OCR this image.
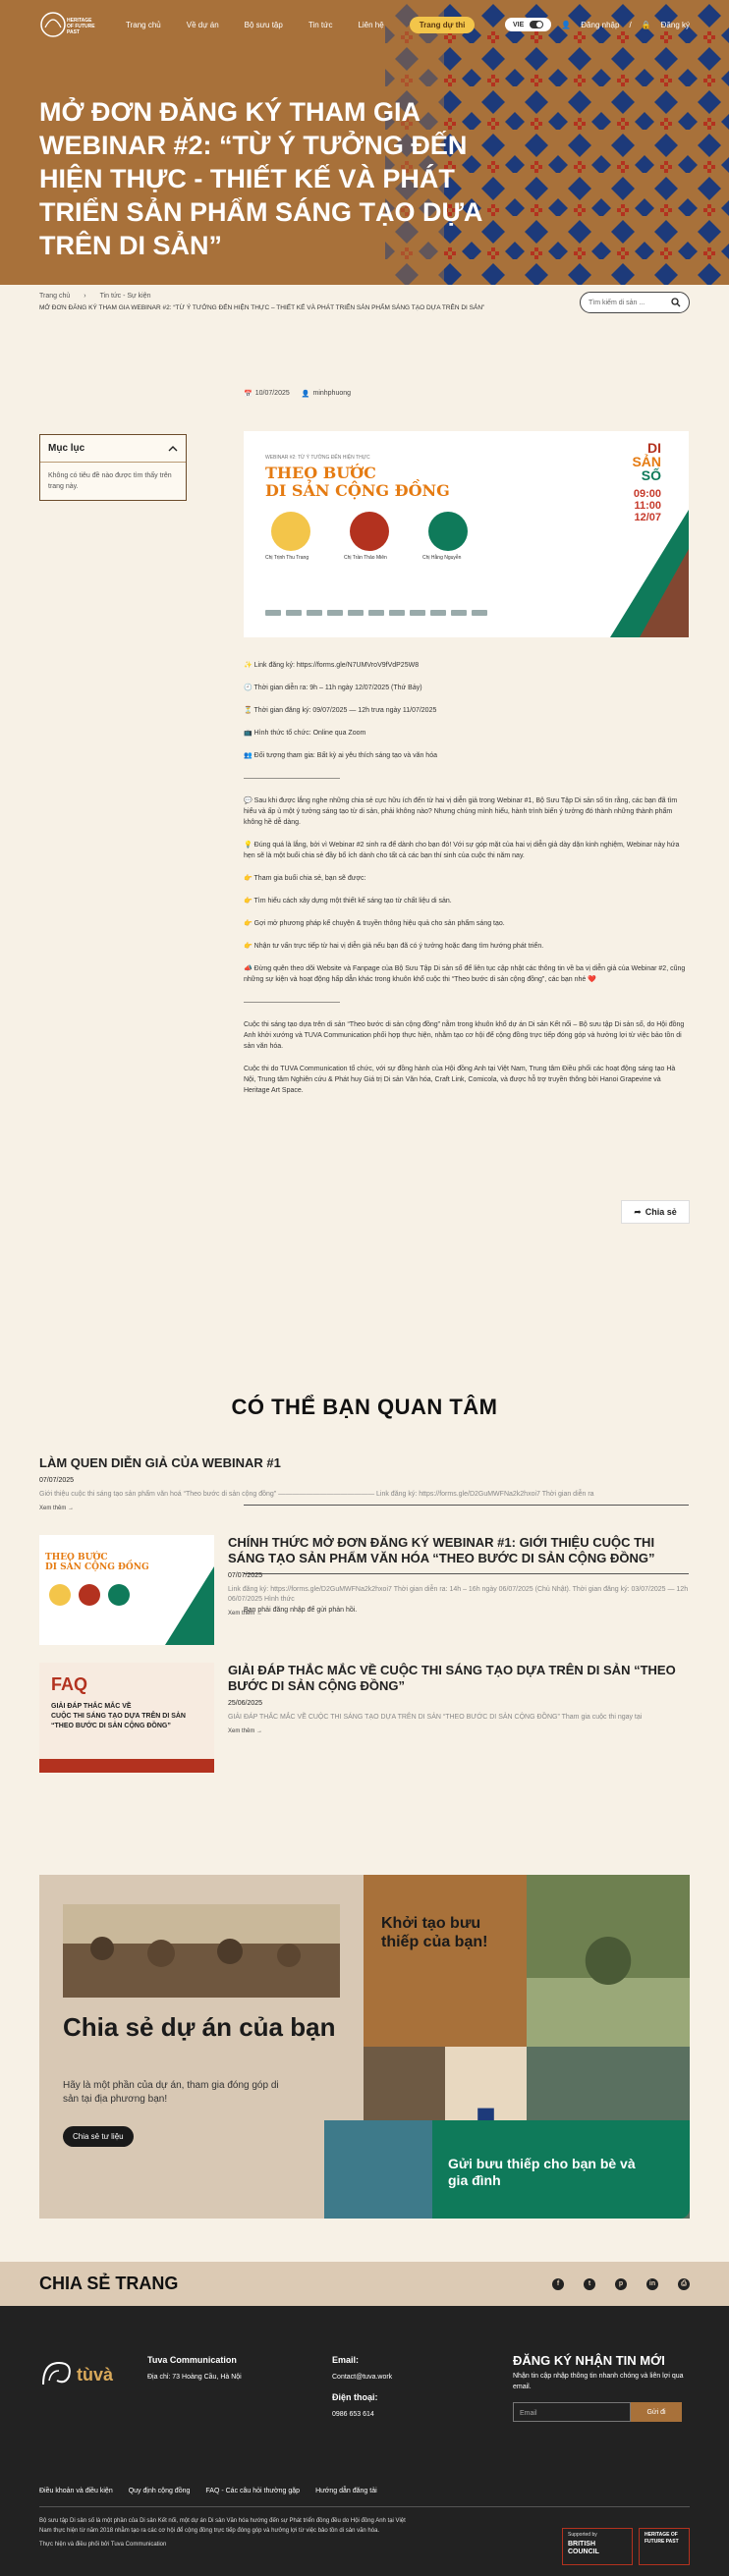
HERITAGE
OF FUTURE
PAST
Trang chủ	Về dự án	Bộ sưu tập	Tin tức	Liên hệ	Trang dự thi	VIE	👤 Đăng nhập / 🔒 Đăng ký
MỞ ĐƠN ĐĂNG KÝ THAM GIA WEBINAR #2: “TỪ Ý TƯỞNG ĐẾN HIỆN THỰC - THIẾT KẾ VÀ PHÁT TRIỂN SẢN PHẨM SÁNG TẠO DỰA TRÊN DI SẢN”
Trang chủ › Tin tức - Sự kiện
MỞ ĐƠN ĐĂNG KÝ THAM GIA WEBINAR #2: “TỪ Ý TƯỞNG ĐẾN HIỆN THỰC – THIẾT KẾ VÀ PHÁT TRIỂN SẢN PHẨM SÁNG TẠO DỰA TRÊN DI SẢN”
Tìm kiếm di sản ...
Mục lục
Không có tiêu đề nào được tìm thấy trên trang này.
📅 10/07/2025 👤 minhphuong
WEBINAR #2: TỪ Ý TƯỞNG ĐẾN HIỆN THỰC
THEO BƯỚC
DI SẢN CỘNG ĐỒNG
Chị Trịnh Thu Trang	Chị Trần Thảo Miên	Chị Hằng Nguyễn
DI
SẢN
SỐ
09:00
11:00
12/07

✨ Link đăng ký: https://forms.gle/N7UMVroV9fVdP25W8

🕘 Thời gian diễn ra: 9h – 11h ngày 12/07/2025 (Thứ Bảy)

⏳ Thời gian đăng ký: 09/07/2025 — 12h trưa ngày 11/07/2025

📺 Hình thức tổ chức: Online qua Zoom

👥 Đối tượng tham gia: Bất kỳ ai yêu thích sáng tạo và văn hóa

——————————————

💬 Sau khi được lắng nghe những chia sẻ cực hữu ích đến từ hai vị diễn giả trong Webinar #1, Bộ Sưu Tập Di sản số tin rằng, các bạn đã tìm hiểu và ấp ủ một ý tưởng sáng tạo từ di sản, phải không nào? Nhưng chúng mình hiểu, hành trình biến ý tưởng đó thành những thành phẩm không hề dễ dàng.

💡 Đúng quá là lắng, bởi vì Webinar #2 sinh ra để dành cho bạn đó! Với sự góp mặt của hai vị diễn giả dày dặn kinh nghiệm, Webinar này hứa hẹn sẽ là một buổi chia sẻ đầy bổ ích dành cho tất cả các bạn thí sinh của cuộc thi năm nay.

👉 Tham gia buổi chia sẻ, bạn sẽ được:

👉 Tìm hiểu cách xây dựng một thiết kế sáng tạo từ chất liệu di sản.

👉 Gợi mở phương pháp kể chuyện & truyền thông hiệu quả cho sản phẩm sáng tạo.

👉 Nhận tư vấn trực tiếp từ hai vị diễn giả nếu bạn đã có ý tưởng hoặc đang tìm hướng phát triển.

📣 Đừng quên theo dõi Website và Fanpage của Bộ Sưu Tập Di sản số để liên tục cập nhật các thông tin về ba vị diễn giả của Webinar #2, cũng những sự kiện và hoạt động hấp dẫn khác trong khuôn khổ cuộc thi “Theo bước di sản cộng đồng”, các bạn nhé ❤️

——————————————

Cuộc thi sáng tạo dựa trên di sản “Theo bước di sản cộng đồng” nằm trong khuôn khổ dự án Di sản Kết nối – Bộ sưu tập Di sản số, do Hội đồng Anh khởi xướng và TUVA Communication phối hợp thực hiện, nhằm tạo cơ hội để cộng đồng trực tiếp đóng góp và hưởng lợi từ việc bảo tồn di sản văn hóa.

Cuộc thi do TUVA Communication tổ chức, với sự đồng hành của Hội đồng Anh tại Việt Nam, Trung tâm Điều phối các hoạt động sáng tạo Hà Nội, Trung tâm Nghiên cứu & Phát huy Giá trị Di sản Văn hóa, Craft Link, Comicola, và được hỗ trợ truyền thông bởi Hanoi Grapevine và Heritage Art Space.

Bạn phải đăng nhập để gửi phản hồi.
➦ Chia sẻ
CÓ THỂ BẠN QUAN TÂM
LÀM QUEN DIỄN GIẢ CỦA WEBINAR #1
07/07/2025
Giới thiệu cuộc thi sáng tạo sản phẩm văn hoá “Theo bước di sản cộng đồng” —————————————— Link đăng ký: https://forms.gle/D2GuMWFNa2k2hxoi7 Thời gian diễn ra
Xem thêm →
THEO BƯỚC
DI SẢN CỘNG ĐỒNG
CHÍNH THỨC MỞ ĐƠN ĐĂNG KÝ WEBINAR #1: GIỚI THIỆU CUỘC THI SÁNG TẠO SẢN PHẨM VĂN HÓA “THEO BƯỚC DI SẢN CỘNG ĐỒNG”
07/07/2025
Link đăng ký: https://forms.gle/D2GuMWFNa2k2hxoi7 Thời gian diễn ra: 14h – 16h ngày 06/07/2025 (Chủ Nhật). Thời gian đăng ký: 03/07/2025 — 12h 06/07/2025 Hình thức
Xem thêm →
FAQ
GIẢI ĐÁP THẮC MẮC VỀ
CUỘC THI SÁNG TẠO DỰA TRÊN DI SẢN
“THEO BƯỚC DI SẢN CỘNG ĐỒNG”
GIẢI ĐÁP THẮC MẮC VỀ CUỘC THI SÁNG TẠO DỰA TRÊN DI SẢN “THEO BƯỚC DI SẢN CỘNG ĐỒNG”
25/06/2025
GIẢI ĐÁP THẮC MẮC VỀ CUỘC THI SÁNG TẠO DỰA TRÊN DI SẢN “THEO BƯỚC DI SẢN CỘNG ĐỒNG” Tham gia cuộc thi ngay tại
Xem thêm →
Chia sẻ dự án của bạn
Hãy là một phần của dự án, tham gia đóng góp di sản tại địa phương bạn!
Chia sẻ tư liệu
Khởi tạo bưu thiếp của bạn!
Gửi bưu thiếp cho bạn bè và gia đình
CHIA SẺ TRANG	f	t	p	in	⎙
tùvà
Tuva Communication
Địa chỉ: 73 Hoàng Cầu, Hà Nội
Email:
Contact@tuva.work
Điện thoại:
0986 653 614
ĐĂNG KÝ NHẬN TIN MỚI
Nhận tin cập nhập thông tin nhanh chóng và liên lợi qua email.
Email	Gửi đi
Điều khoản và điều kiện Quy định cộng đồng FAQ - Các câu hỏi thường gặp Hướng dẫn đăng tải
Bộ sưu tập Di sản số là một phần của Di sản Kết nối, một dự án Di sản Văn hóa hướng đến sự Phát triển đồng đều do Hội đồng Anh tại Việt Nam thực hiện từ năm 2018 nhằm tạo ra các cơ hội để cộng đồng trực tiếp đóng góp và hưởng lợi từ việc bảo tồn di sản văn hóa.
Thực hiện và điều phối bởi Tuva Communication
Supported by
BRITISH COUNCIL
HERITAGE OF FUTURE PAST
